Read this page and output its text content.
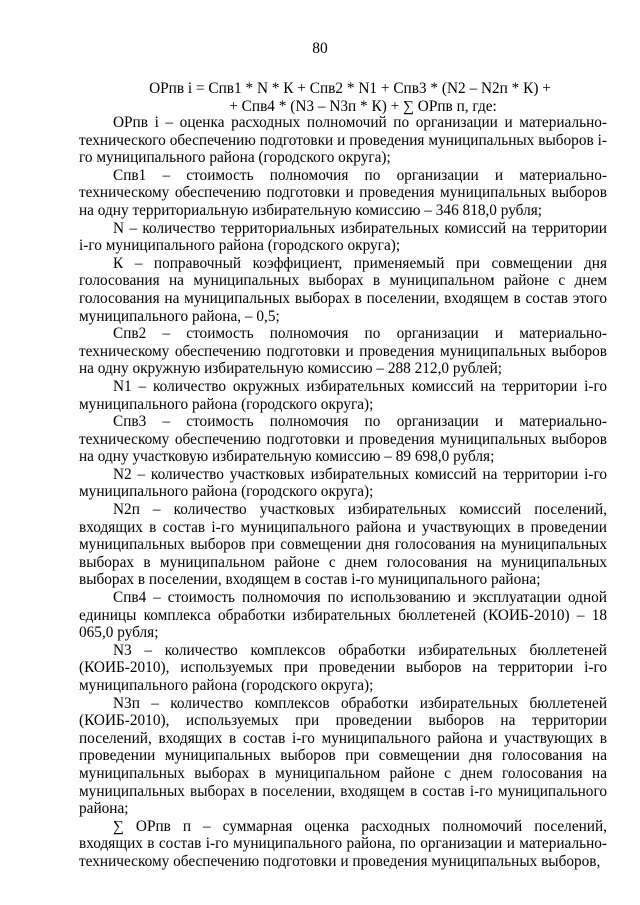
80
ОРпв i = Спв1 * N * К + Спв2 * N1 + Спв3 * (N2 – N2п * К) +
+ Спв4 * (N3 – N3п * К) + ∑ ОРпв п, где:

ОРпв i – оценка расходных полномочий по организации и материально-технического обеспечению подготовки и проведения муниципальных выборов i-го муниципального района (городского округа);

Спв1 – стоимость полномочия по организации и материально-техническому обеспечению подготовки и проведения муниципальных выборов на одну территориальную избирательную комиссию – 346 818,0 рубля;

N – количество территориальных избирательных комиссий на территории i-го муниципального района (городского округа);

К – поправочный коэффициент, применяемый при совмещении дня голосования на муниципальных выборах в муниципальном районе с днем голосования на муниципальных выборах в поселении, входящем в состав этого муниципального района, – 0,5;

Спв2 – стоимость полномочия по организации и материально-техническому обеспечению подготовки и проведения муниципальных выборов на одну окружную избирательную комиссию – 288 212,0 рублей;

N1 – количество окружных избирательных комиссий на территории i-го муниципального района (городского округа);

Спв3 – стоимость полномочия по организации и материально-техническому обеспечению подготовки и проведения муниципальных выборов на одну участковую избирательную комиссию – 89 698,0 рубля;

N2 – количество участковых избирательных комиссий на территории i-го муниципального района (городского округа);

N2п – количество участковых избирательных комиссий поселений, входящих в состав i-го муниципального района и участвующих в проведении муниципальных выборов при совмещении дня голосования на муниципальных выборах в муниципальном районе с днем голосования на муниципальных выборах в поселении, входящем в состав i-го муниципального района;

Спв4 – стоимость полномочия по использованию и эксплуатации одной единицы комплекса обработки избирательных бюллетеней (КОИБ-2010) – 18 065,0 рубля;

N3 – количество комплексов обработки избирательных бюллетеней (КОИБ-2010), используемых при проведении выборов на территории i-го муниципального района (городского округа);

N3п – количество комплексов обработки избирательных бюллетеней (КОИБ-2010), используемых при проведении выборов на территории поселений, входящих в состав i-го муниципального района и участвующих в проведении муниципальных выборов при совмещении дня голосования на муниципальных выборах в муниципальном районе с днем голосования на муниципальных выборах в поселении, входящем в состав i-го муниципального района;

∑ ОРпв п – суммарная оценка расходных полномочий поселений, входящих в состав i-го муниципального района, по организации и материально-техническому обеспечению подготовки и проведения муниципальных выборов,
